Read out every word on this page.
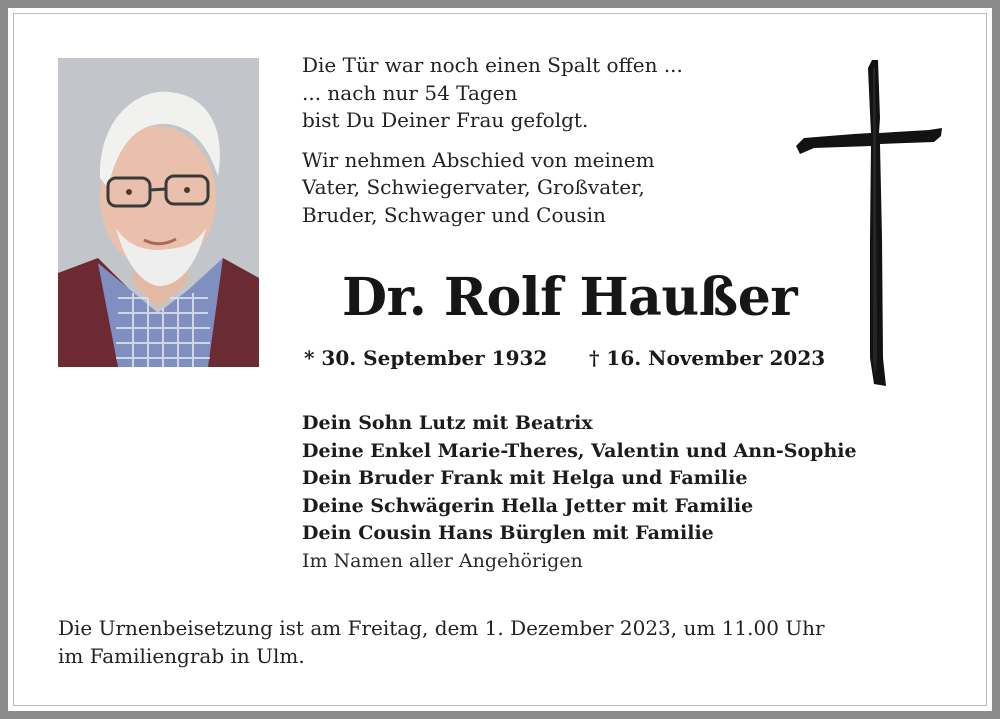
Die Tür war noch einen Spalt offen ...

... nach nur 54 Tagen

bist Du Deiner Frau gefolgt.

Wir nehmen Abschied von meinem

Vater, Schwiegervater, Großvater,

Bruder, Schwager und Cousin

Dr. Rolf Haußer
* 30. September 1932 † 16. November 2023
Dein Sohn Lutz mit Beatrix
Deine Enkel Marie-Theres, Valentin und Ann-Sophie
Dein Bruder Frank mit Helga und Familie
Deine Schwägerin Hella Jetter mit Familie
Dein Cousin Hans Bürglen mit Familie
Im Namen aller Angehörigen
Die Urnenbeisetzung ist am Freitag, dem 1. Dezember 2023, um 11.00 Uhr
im Familiengrab in Ulm.
